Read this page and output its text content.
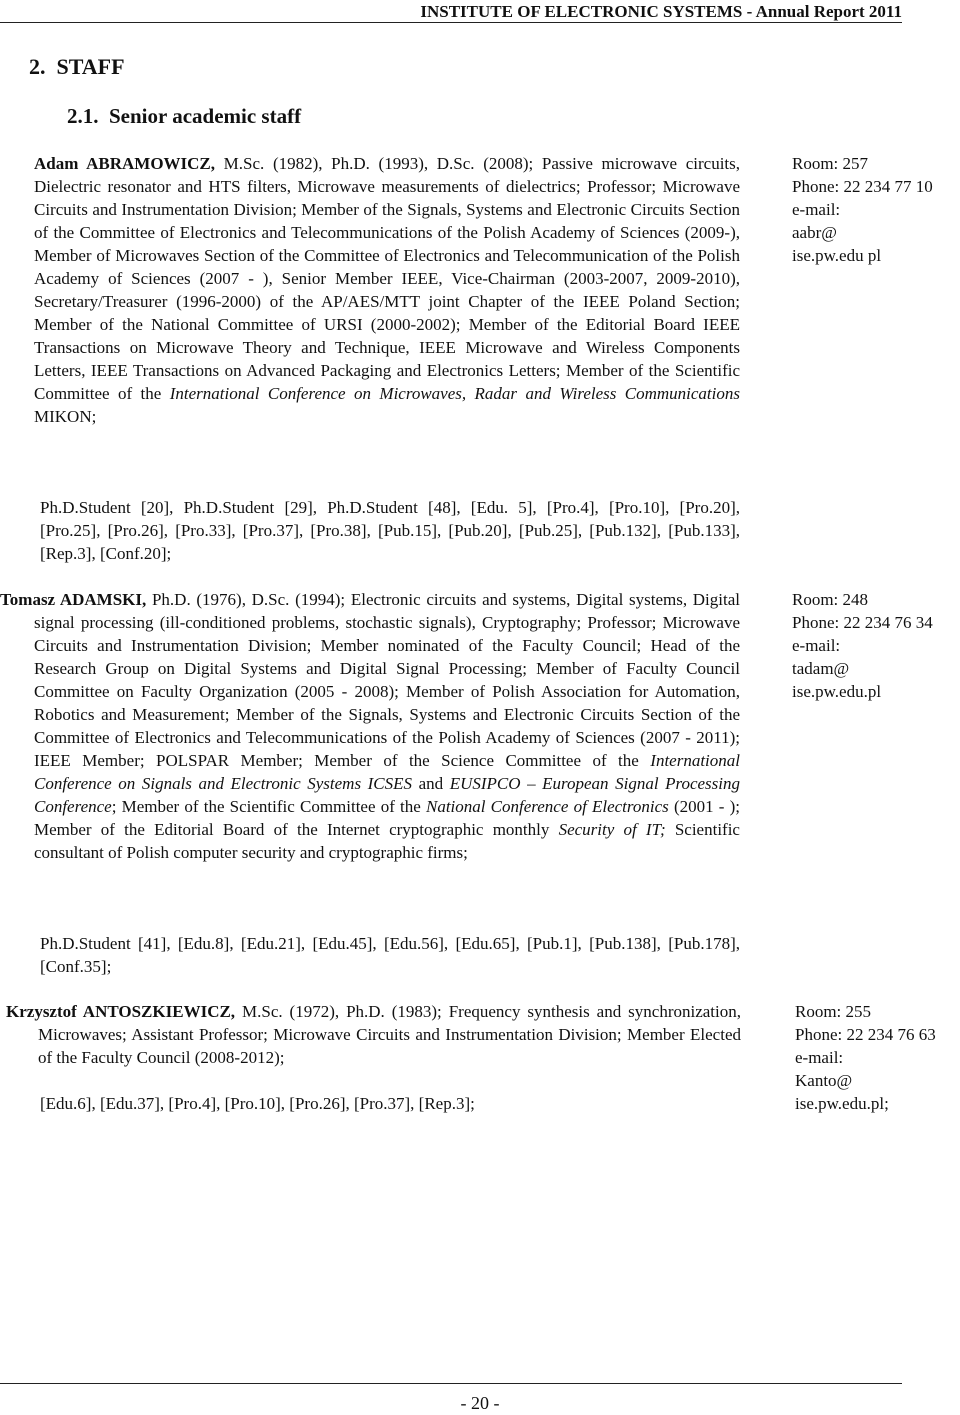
INSTITUTE OF ELECTRONIC SYSTEMS - Annual Report 2011
2.  STAFF
2.1.  Senior academic staff
Adam ABRAMOWICZ, M.Sc. (1982), Ph.D. (1993), D.Sc. (2008); Passive microwave circuits, Dielectric resonator and HTS filters, Microwave measurements of dielectrics; Professor; Microwave Circuits and Instrumentation Division; Member of the Signals, Systems and Electronic Circuits Section of the Committee of Electronics and Telecommunications of the Polish Academy of Sciences (2009-), Member of Microwaves Section of the Committee of Electronics and Telecommunication of the Polish Academy of Sciences (2007 - ), Senior Member IEEE, Vice-Chairman (2003-2007, 2009-2010), Secretary/Treasurer (1996-2000) of the AP/AES/MTT joint Chapter of the IEEE Poland Section; Member of the National Committee of URSI (2000-2002); Member of the Editorial Board IEEE Transactions on Microwave Theory and Technique, IEEE Microwave and Wireless Components Letters, IEEE Transactions on Advanced Packaging and Electronics Letters; Member of the Scientific Committee of the International Conference on Microwaves, Radar and Wireless Communications MIKON;
Ph.D.Student [20], Ph.D.Student [29], Ph.D.Student [48], [Edu. 5], [Pro.4], [Pro.10], [Pro.20], [Pro.25], [Pro.26], [Pro.33], [Pro.37], [Pro.38], [Pub.15], [Pub.20], [Pub.25], [Pub.132], [Pub.133], [Rep.3], [Conf.20];
Room: 257
Phone: 22 234 77 10
e-mail:
aabr@
ise.pw.edu pl
Tomasz ADAMSKI, Ph.D. (1976), D.Sc. (1994); Electronic circuits and systems, Digital systems, Digital signal processing (ill-conditioned problems, stochastic signals), Cryptography; Professor; Microwave Circuits and Instrumentation Division; Member nominated of the Faculty Council; Head of the Research Group on Digital Systems and Digital Signal Processing; Member of Faculty Council Committee on Faculty Organization (2005 - 2008); Member of Polish Association for Automation, Robotics and Measurement; Member of the Signals, Systems and Electronic Circuits Section of the Committee of Electronics and Telecommunications of the Polish Academy of Sciences (2007 - 2011); IEEE Member; POLSPAR Member; Member of the Science Committee of the International Conference on Signals and Electronic Systems ICSES and EUSIPCO – European Signal Processing Conference; Member of the Scientific Committee of the National Conference of Electronics (2001 - ); Member of the Editorial Board of the Internet cryptographic monthly Security of IT; Scientific consultant of Polish computer security and cryptographic firms;
Ph.D.Student [41], [Edu.8], [Edu.21], [Edu.45], [Edu.56], [Edu.65], [Pub.1], [Pub.138], [Pub.178], [Conf.35];
Room: 248
Phone: 22 234 76 34
e-mail:
tadam@
ise.pw.edu.pl
Krzysztof ANTOSZKIEWICZ, M.Sc. (1972), Ph.D. (1983); Frequency synthesis and synchronization, Microwaves; Assistant Professor; Microwave Circuits and Instrumentation Division; Member Elected of the Faculty Council (2008-2012);
[Edu.6], [Edu.37], [Pro.4], [Pro.10], [Pro.26], [Pro.37], [Rep.3];
Room: 255
Phone: 22 234 76 63
e-mail:
Kanto@
ise.pw.edu.pl;
- 20 -
